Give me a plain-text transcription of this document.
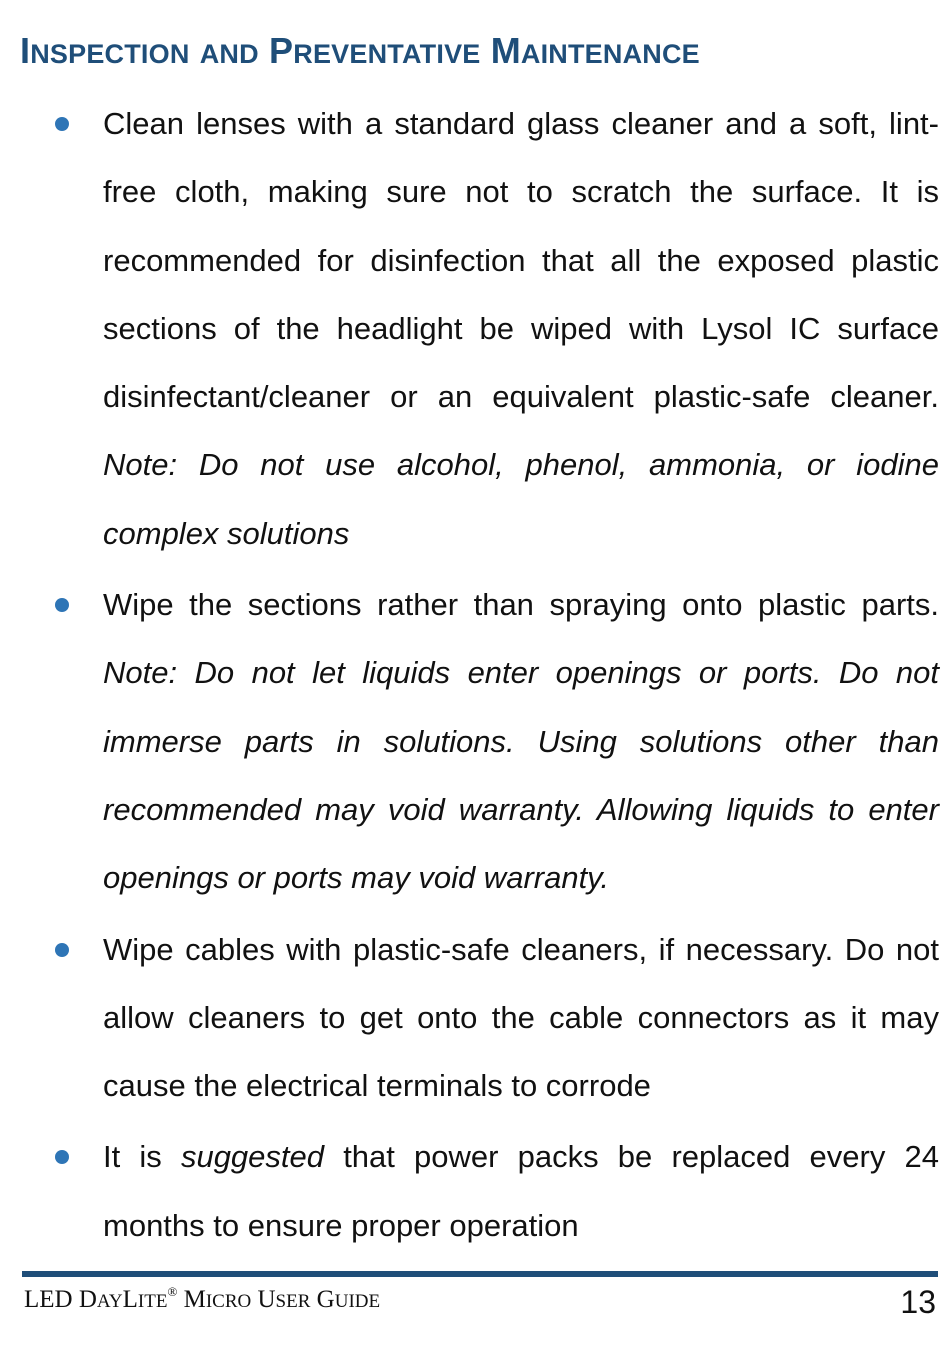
INSPECTION AND PREVENTATIVE MAINTENANCE

Clean lenses with a standard glass cleaner and a soft, lint-free cloth, making sure not to scratch the surface. It is recommended for disinfection that all the exposed plastic sections of the headlight be wiped with Lysol IC surface disinfectant/cleaner or an equivalent plastic-safe cleaner. Note: Do not use alcohol, phenol, ammonia, or iodine complex solutions

Wipe the sections rather than spraying onto plastic parts. Note: Do not let liquids enter openings or ports. Do not immerse parts in solutions. Using solutions other than recommended may void warranty. Allowing liquids to enter openings or ports may void warranty.

Wipe cables with plastic-safe cleaners, if necessary. Do not allow cleaners to get onto the cable connectors as it may cause the electrical terminals to corrode

It is suggested that power packs be replaced every 24 months to ensure proper operation

LED DAYLITE® MICRO USER GUIDE	13
